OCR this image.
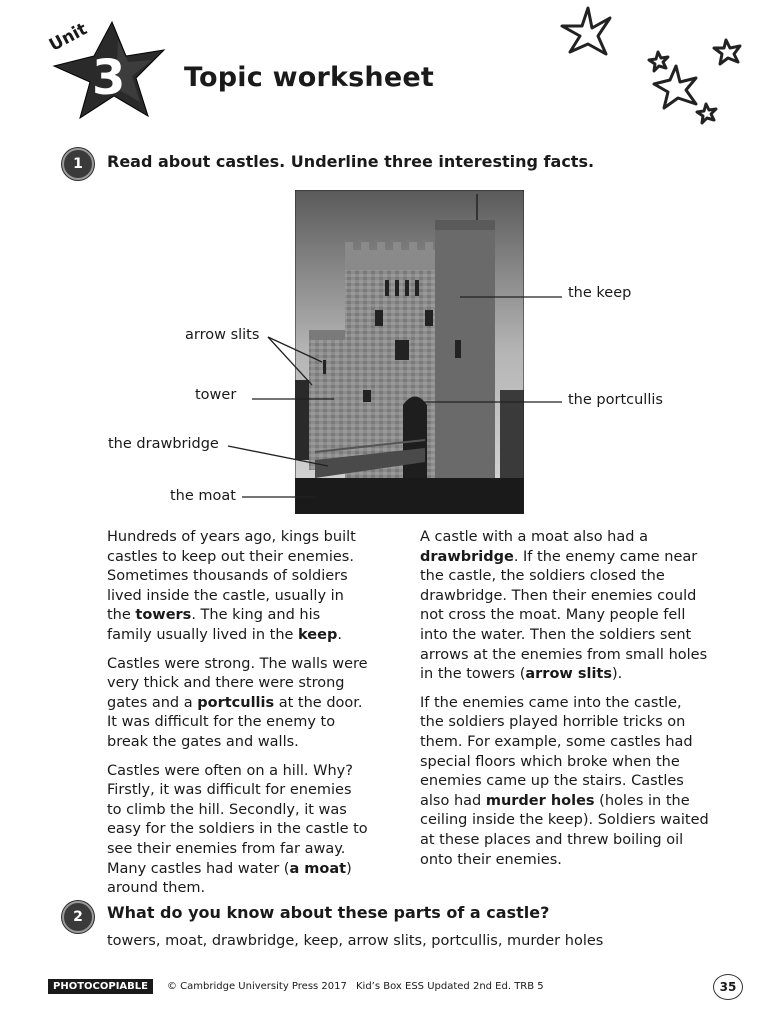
Unit
3 Topic worksheet
1	Read about castles. Underline three interesting facts.
arrow slits
tower
the drawbridge
the moat
the keep
the portcullis

Hundreds of years ago, kings built castles to keep out their enemies. Sometimes thousands of soldiers lived inside the castle, usually in the towers. The king and his family usually lived in the keep.

Castles were strong. The walls were very thick and there were strong gates and a portcullis at the door. It was difficult for the enemy to break the gates and walls.

Castles were often on a hill. Why? Firstly, it was difficult for enemies to climb the hill. Secondly, it was easy for the soldiers in the castle to see their enemies from far away. Many castles had water (a moat) around them.

A castle with a moat also had a drawbridge. If the enemy came near the castle, the soldiers closed the drawbridge. Then their enemies could not cross the moat. Many people fell into the water. Then the soldiers sent arrows at the enemies from small holes in the towers (arrow slits).

If the enemies came into the castle, the soldiers played horrible tricks on them. For example, some castles had special floors which broke when the enemies came up the stairs. Castles also had murder holes (holes in the ceiling inside the keep). Soldiers waited at these places and threw boiling oil onto their enemies.

2	What do you know about these parts of a castle?
towers, moat, drawbridge, keep, arrow slits, portcullis, murder holes
PHOTOCOPIABLE	© Cambridge University Press 2017 Kid’s Box ESS Updated 2nd Ed. TRB 5	35
